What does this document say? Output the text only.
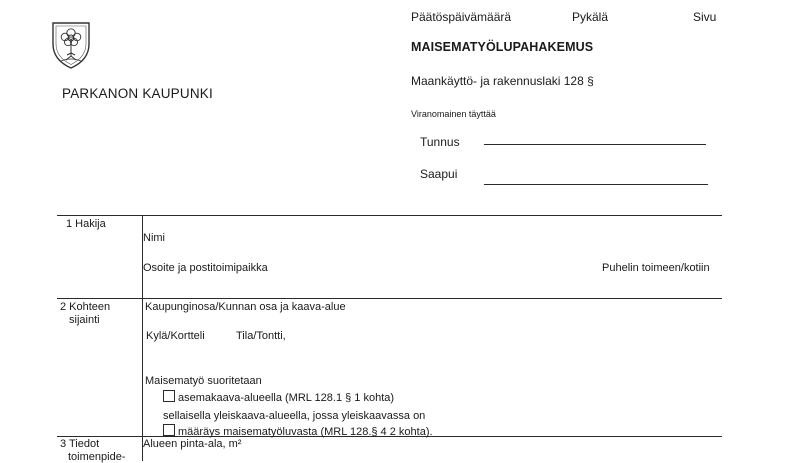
PARKANON KAUPUNKI
Päätöspäivämäärä	Pykälä	Sivu
MAISEMATYÖLUPAHAKEMUS
Maankäyttö- ja rakennuslaki 128 §
Viranomainen täyttää
Tunnus
Saapui
1 Hakija
Nimi
Osoite ja postitoimipaikka	Puhelin toimeen/kotiin
2 Kohteen
sijainti
Kaupunginosa/Kunnan osa ja kaava-alue
Kylä/Kortteli	Tila/Tontti,
Maisematyö suoritetaan
asemakaava-alueella (MRL 128.1 § 1 kohta)
sellaisella yleiskaava-alueella, jossa yleiskaavassa on
määräys maisematyöluvasta (MRL 128.§ 4 2 kohta).
3 Tiedot
toimenpide-
Alueen pinta-ala, m²
